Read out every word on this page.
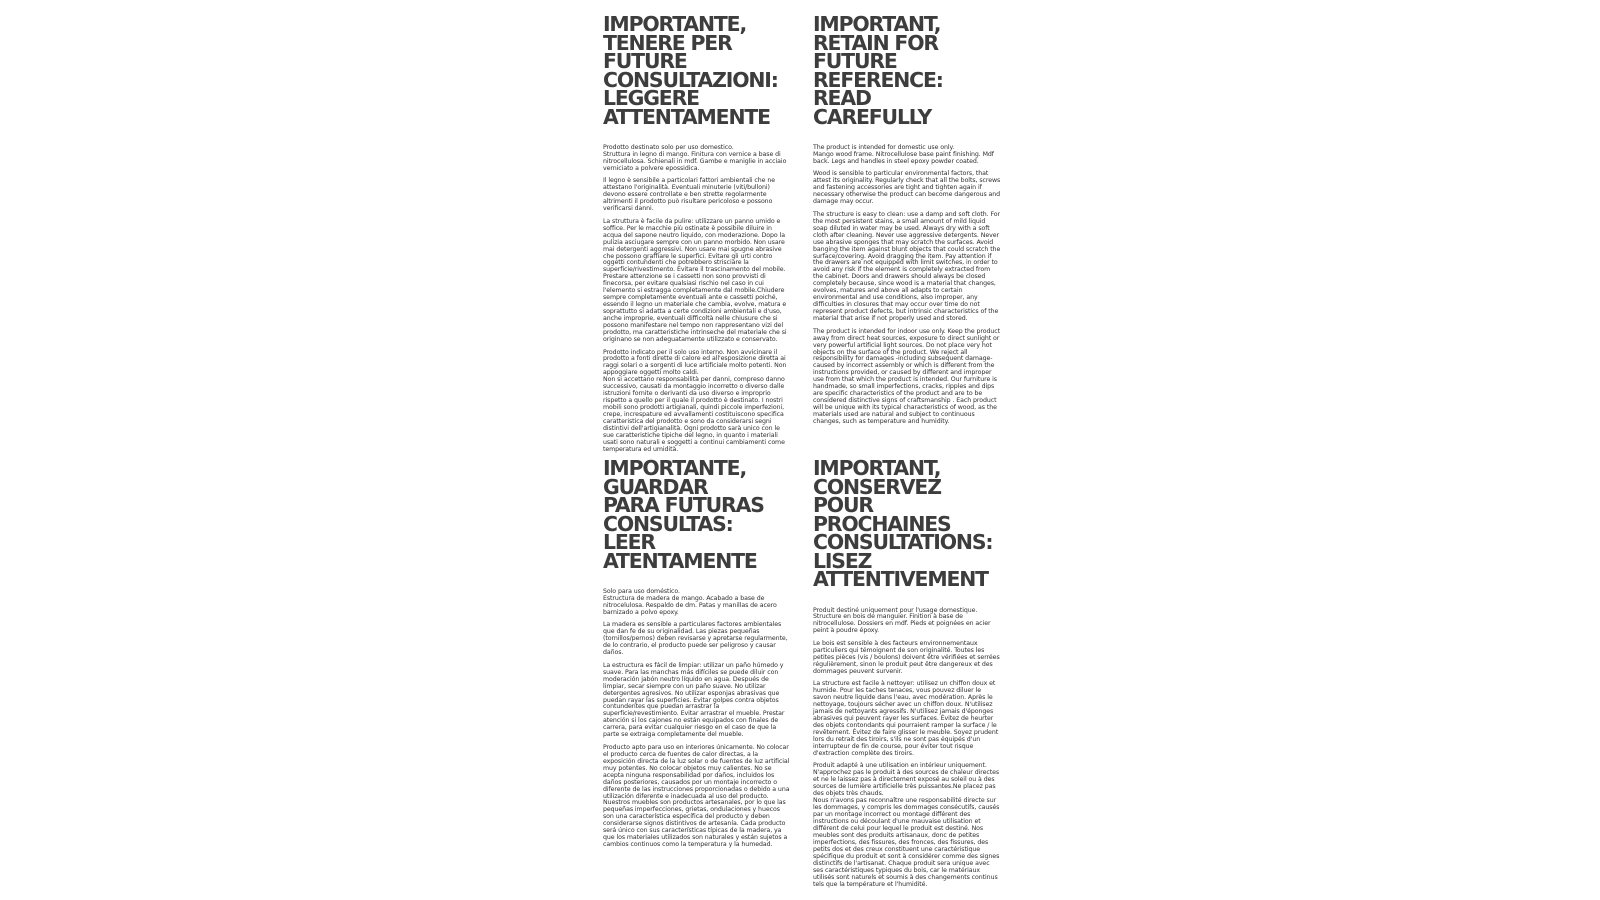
IMPORTANTE,
TENERE PER FUTURE
CONSULTAZIONI:
LEGGERE
ATTENTAMENTE

Prodotto destinato solo per uso domestico.
Struttura in legno di mango. Finitura con vernice a base di nitrocellulosa. Schienali in mdf. Gambe e maniglie in acciaio verniciato a polvere epossidica.

Il legno è sensibile a particolari fattori ambientali che ne attestano l'originalità. Eventuali minuterie (viti/bulloni) devono essere controllate e ben strette regolarmente altrimenti il prodotto può risultare pericoloso e possono verificarsi danni.

La struttura è facile da pulire: utilizzare un panno umido e soffice. Per le macchie più ostinate è possibile diluire in acqua del sapone neutro liquido, con moderazione. Dopo la pulizia asciugare sempre con un panno morbido. Non usare mai detergenti aggressivi. Non usare mai spugne abrasive che possono graffiare le superfici. Evitare gli urti contro oggetti contundenti che potrebbero strisciare la superficie/rivestimento. Evitare il trascinamento del mobile. Prestare attenzione se i cassetti non sono provvisti di finecorsa, per evitare qualsiasi rischio nel caso in cui l'elemento si estragga completamente dal mobile.Chiudere sempre completamente eventuali ante e cassetti poiché, essendo il legno un materiale che cambia, evolve, matura e soprattutto si adatta a certe condizioni ambientali e d'uso, anche improprie, eventuali difficoltà nelle chiusure che si possono manifestare nel tempo non rappresentano vizi del prodotto, ma caratteristiche intrinseche del materiale che si originano se non adeguatamente utilizzato e conservato.

Prodotto indicato per il solo uso interno. Non avvicinare il prodotto a fonti dirette di calore ed all'esposizione diretta ai raggi solari o a sorgenti di luce artificiale molto potenti. Non appoggiare oggetti molto caldi.
Non si accettano responsabilità per danni, compreso danno successivo, causati da montaggio incorretto o diverso dalle istruzioni fornite o derivanti da uso diverso e improprio rispetto a quello per il quale il prodotto è destinato. I nostri mobili sono prodotti artigianali, quindi piccole imperfezioni, crepe, increspature ed avvallamenti costituiscono specifica caratteristica del prodotto e sono da considerarsi segni distintivi dell'artigianalità. Ogni prodotto sarà unico con le sue caratteristiche tipiche del legno, in quanto i materiali usati sono naturali e soggetti a continui cambiamenti come temperatura ed umidità.

IMPORTANT,
RETAIN FOR FUTURE
REFERENCE:
READ
CAREFULLY

The product is intended for domestic use only.
Mango wood frame. Nitrocellulose base paint finishing. Mdf back. Legs and handles in steel epoxy powder coated.

Wood is sensible to particular environmental factors, that attest its originality. Regularly check that all the bolts, screws and fastening accessories are tight and tighten again if necessary otherwise the product can become dangerous and damage may occur.

The structure is easy to clean: use a damp and soft cloth. For the most persistent stains, a small amount of mild liquid soap diluted in water may be used. Always dry with a soft cloth after cleaning. Never use aggressive detergents. Never use abrasive sponges that may scratch the surfaces. Avoid banging the item against blunt objects that could scratch the surface/covering. Avoid dragging the item. Pay attention if the drawers are not equipped with limit switches, in order to avoid any risk if the element is completely extracted from the cabinet. Doors and drawers should always be closed completely because, since wood is a material that changes, evolves, matures and above all adapts to certain environmental and use conditions, also improper, any difficulties in closures that may occur over time do not represent product defects, but intrinsic characteristics of the material that arise if not properly used and stored.

The product is intended for indoor use only. Keep the product away from direct heat sources, exposure to direct sunlight or very powerful artificial light sources. Do not place very hot objects on the surface of the product. We reject all responsibility for damages -including subsequent damage- caused by incorrect assembly or which is different from the instructions provided, or caused by different and improper use from that which the product is intended. Our furniture is handmade, so small imperfections, cracks, ripples and dips are specific characteristics of the product and are to be considered distinctive signs of craftsmanship . Each product will be unique with its typical characteristics of wood, as the materials used are natural and subject to continuous changes, such as temperature and humidity.

IMPORTANTE,
GUARDAR
PARA FUTURAS
CONSULTAS:
LEER
ATENTAMENTE

Solo para uso doméstico.
Estructura de madera de mango. Acabado a base de nitrocelulosa. Respaldo de dm. Patas y manillas de acero barnizado a polvo epoxy.

La madera es sensible a particulares factores ambientales que dan fe de su originalidad. Las piezas pequeñas (tornillos/pernos) deben revisarse y apretarse regularmente, de lo contrario, el producto puede ser peligroso y causar daños.

La estructura es fácil de limpiar: utilizar un paño húmedo y suave. Para las manchas más difíciles se puede diluir con moderación jabón neutro líquido en agua. Después de limpiar, secar siempre con un paño suave. No utilizar detergentes agresivos. No utilizar esponjas abrasivas que puedan rayar las superficies. Evitar golpes contra objetos contundentes que puedan arrastrar la superficie/revestimiento. Evitar arrastrar el mueble. Prestar atención si los cajones no están equipados con finales de carrera, para evitar cualquier riesgo en el caso de que la parte se extraiga completamente del mueble.

Producto apto para uso en interiores únicamente. No colocar el producto cerca de fuentes de calor directas, a la exposición directa de la luz solar o de fuentes de luz artificial muy potentes. No colocar objetos muy calientes. No se acepta ninguna responsabilidad por daños, incluidos los daños posteriores, causados por un montaje incorrecto o diferente de las instrucciones proporcionadas o debido a una utilización diferente e inadecuada al uso del producto. Nuestros muebles son productos artesanales, por lo que las pequeñas imperfecciones, grietas, ondulaciones y huecos son una característica específica del producto y deben considerarse signos distintivos de artesanía. Cada producto será único con sus características típicas de la madera, ya que los materiales utilizados son naturales y están sujetos a cambios continuos como la temperatura y la humedad.

IMPORTANT,
CONSERVEZ POUR
PROCHAINES
CONSULTATIONS:
LISEZ
ATTENTIVEMENT

Produit destiné uniquement pour l'usage domestique.
Structure en bois de manguier. Finition à base de nitrocellulose. Dossiers en mdf. Pieds et poignées en acier peint à poudre époxy.

Le bois est sensible à des facteurs environnementaux particuliers qui témoignent de son originalité. Toutes les petites pièces (vis / boulons) doivent être vérifiées et serrées régulièrement, sinon le produit peut être dangereux et des dommages peuvent survenir.

La structure est facile à nettoyer: utilisez un chiffon doux et humide. Pour les taches tenaces, vous pouvez diluer le savon neutre liquide dans l'eau, avec modération. Après le nettoyage, toujours sécher avec un chiffon doux. N'utilisez jamais de nettoyants agressifs. N'utilisez jamais d'éponges abrasives qui peuvent rayer les surfaces. Évitez de heurter des objets contondants qui pourraient ramper la surface / le revêtement. Évitez de faire glisser le meuble. Soyez prudent lors du retrait des tiroirs, s'ils ne sont pas équipés d'un interrupteur de fin de course, pour éviter tout risque d'extraction complète des tiroirs.

Produit adapté à une utilisation en intérieur uniquement. N'approchez pas le produit à des sources de chaleur directes et ne le laissez pas à directement exposé au soleil ou à des sources de lumière artificielle très puissantes.Ne placez pas des objets très chauds.
Nous n'avons pas reconnaître une responsabilité directe sur les dommages, y compris les dommages consécutifs, causés par un montage incorrect ou montage différent des instructions ou découlant d'une mauvaise utilisation et différent de celui pour lequel le produit est destiné. Nos meubles sont des produits artisanaux, donc de petites imperfections, des fissures, des fronces, des fissures, des petits dos et des creux constituent une caractéristique spécifique du produit et sont à considérer comme des signes distinctifs de l'artisanat. Chaque produit sera unique avec ses caractéristiques typiques du bois, car le matériaux utilisés sont naturels et soumis à des changements continus tels que la température et l'humidité.
